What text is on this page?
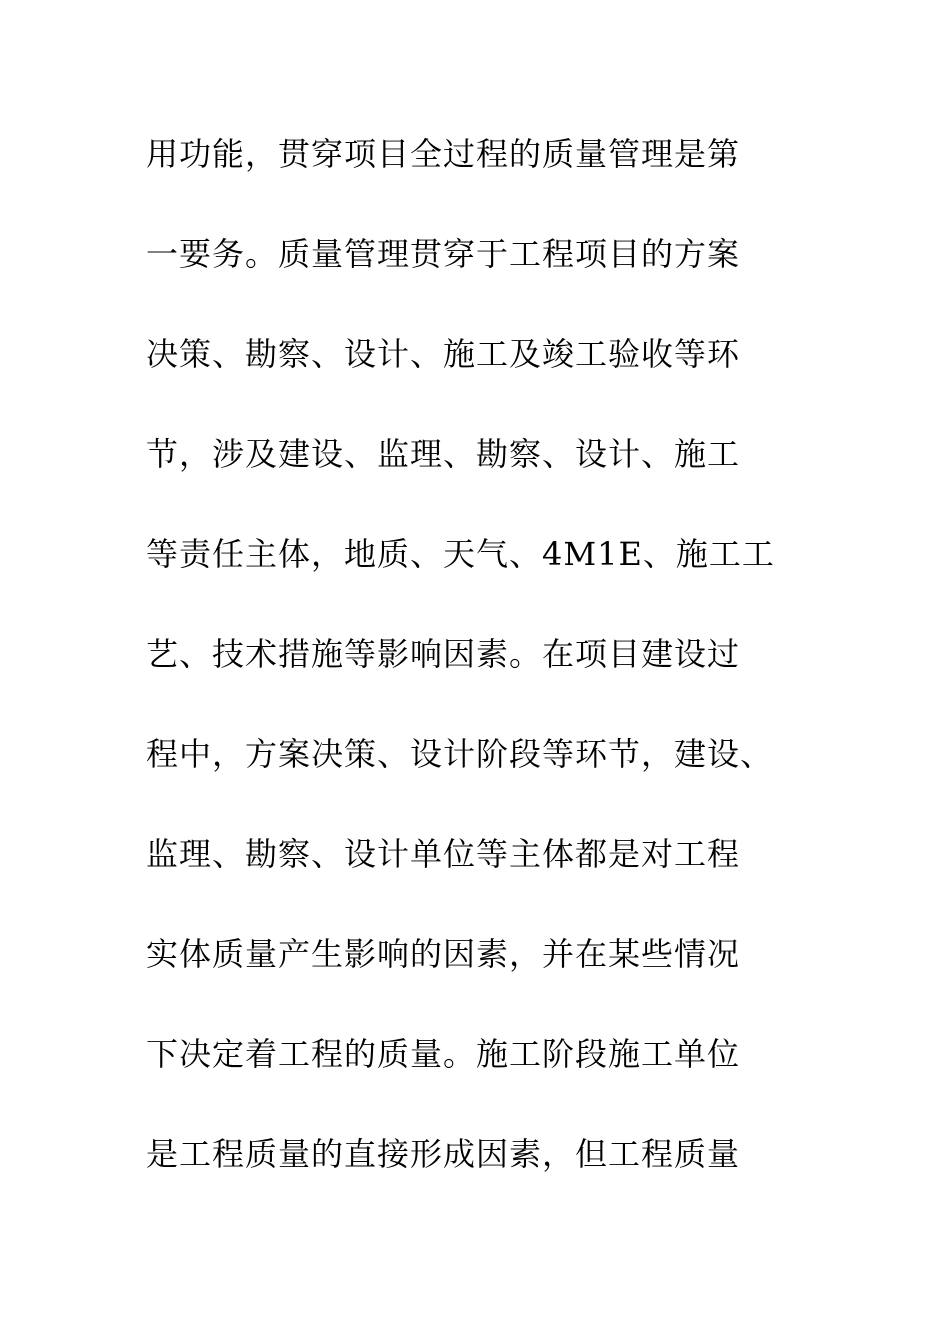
用功能，贯穿项目全过程的质量管理是第
一要务。质量管理贯穿于工程项目的方案
决策、勘察、设计、施工及竣工验收等环
节，涉及建设、监理、勘察、设计、施工
等责任主体，地质、天气、4M1E、施工工
艺、技术措施等影响因素。在项目建设过
程中，方案决策、设计阶段等环节，建设、
监理、勘察、设计单位等主体都是对工程
实体质量产生影响的因素，并在某些情况
下决定着工程的质量。施工阶段施工单位
是工程质量的直接形成因素，但工程质量
